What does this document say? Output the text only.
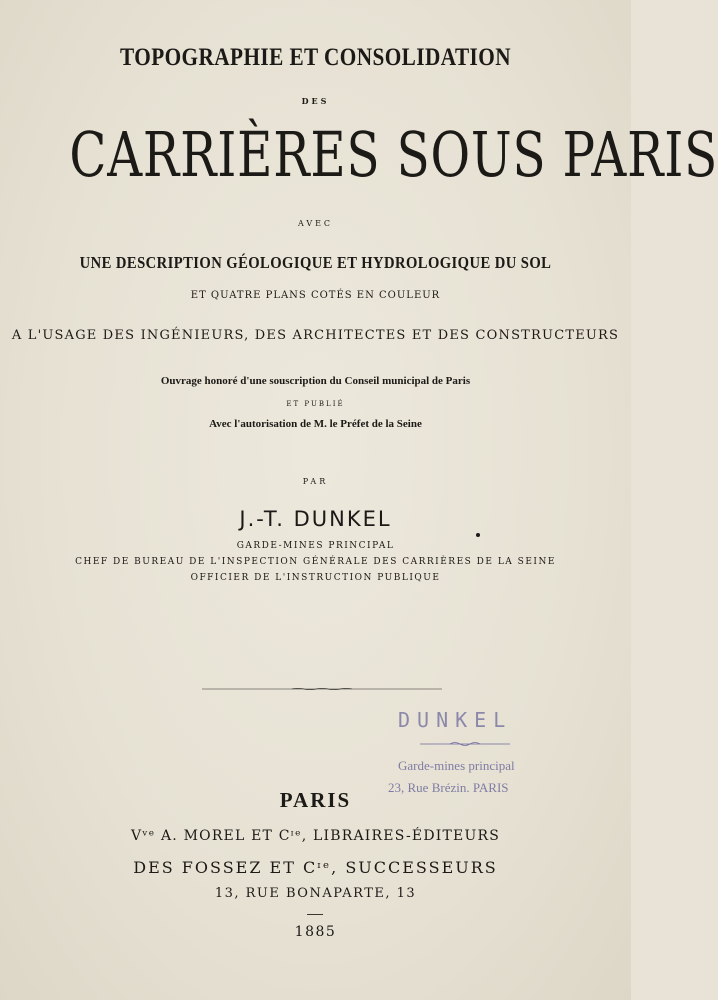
TOPOGRAPHIE ET CONSOLIDATION
DES
CARRIÈRES SOUS PARIS
AVEC
UNE DESCRIPTION GÉOLOGIQUE ET HYDROLOGIQUE DU SOL
ET QUATRE PLANS COTÉS EN COULEUR
A L'USAGE DES INGÉNIEURS, DES ARCHITECTES ET DES CONSTRUCTEURS
Ouvrage honoré d'une souscription du Conseil municipal de Paris
ET PUBLIÉ
Avec l'autorisation de M. le Préfet de la Seine
PAR
J.-T. DUNKEL
GARDE-MINES PRINCIPAL
CHEF DE BUREAU DE L'INSPECTION GÉNÉRALE DES CARRIÈRES DE LA SEINE
OFFICIER DE L'INSTRUCTION PUBLIQUE
DUNKEL
Garde-mines principal
23, Rue Brézin. PARIS
PARIS
Vᵛᵉ A. MOREL ET Cᶦᵉ, LIBRAIRES-ÉDITEURS
DES FOSSEZ ET Cᶦᵉ, SUCCESSEURS
13, RUE BONAPARTE, 13
1885
